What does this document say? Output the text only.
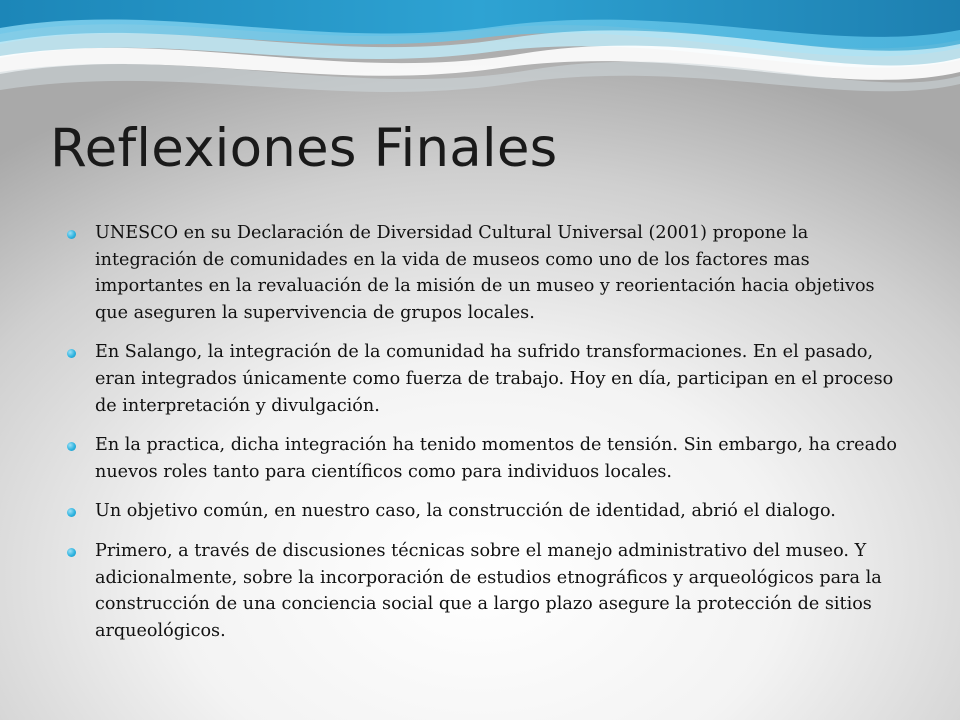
Reflexiones Finales
UNESCO en su Declaración de Diversidad Cultural Universal (2001) propone la integración de comunidades en la vida de museos como uno de los factores mas importantes en la revaluación de la misión de un museo y reorientación hacia objetivos que aseguren la supervivencia de grupos locales.
En Salango, la integración de la comunidad ha sufrido transformaciones. En el pasado, eran integrados únicamente como fuerza de trabajo. Hoy en día, participan en el proceso de interpretación y divulgación.
En la practica, dicha integración ha tenido momentos de tensión. Sin embargo, ha creado nuevos roles tanto para científicos como para individuos locales.
Un objetivo común, en nuestro caso, la construcción de identidad, abrió el dialogo.
Primero, a través de discusiones técnicas sobre el manejo administrativo del museo. Y adicionalmente, sobre la incorporación de estudios etnográficos y arqueológicos para la construcción de una conciencia social que a largo plazo asegure la protección de sitios arqueológicos.
